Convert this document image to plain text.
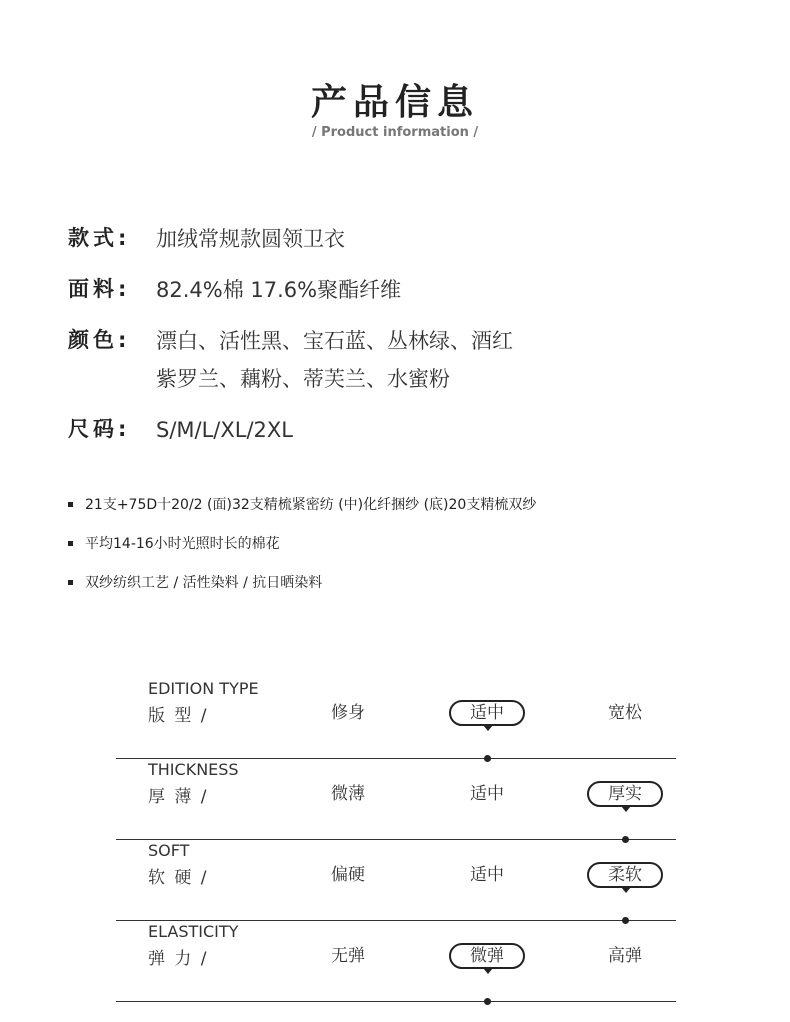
产品信息
/ Product information /
款式:	加绒常规款圆领卫衣
面料:	82.4%棉 17.6%聚酯纤维
颜色:	漂白、活性黑、宝石蓝、丛林绿、酒红
紫罗兰、藕粉、蒂芙兰、水蜜粉
尺码:	S/M/L/XL/2XL
21支+75D十20/2 (面)32支精梳紧密纺 (中)化纤捆纱 (底)20支精梳双纱
平均14-16小时光照时长的棉花
双纱纺织工艺 / 活性染料 / 抗日晒染料
EDITION TYPE
版 型 /	修身	适中	宽松
THICKNESS
厚 薄 /	微薄	适中	厚实
SOFT
软 硬 /	偏硬	适中	柔软
ELASTICITY
弹 力 /	无弹	微弹	高弹
